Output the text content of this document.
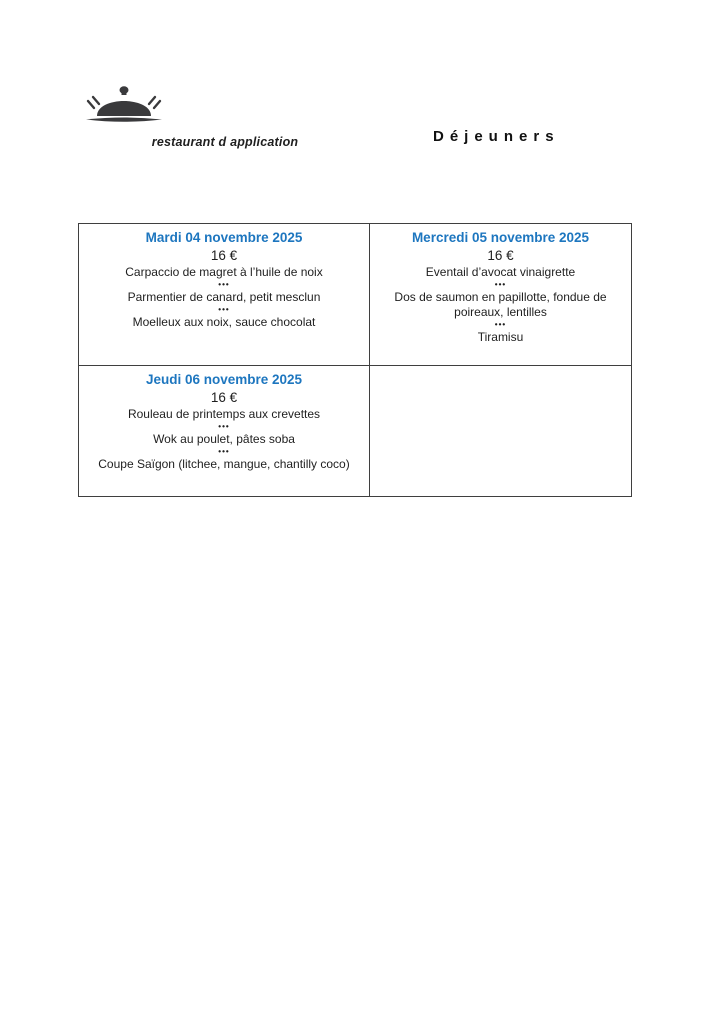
restaurant d application	Déjeuners
Mardi 04 novembre 2025
16 €
Carpaccio de magret à l’huile de noix
•••
Parmentier de canard, petit mesclun
•••
Moelleux aux noix, sauce chocolat
Mercredi 05 novembre 2025
16 €
Eventail d’avocat vinaigrette
•••
Dos de saumon en papillotte, fondue de poireaux, lentilles
•••
Tiramisu
Jeudi 06 novembre 2025
16 €
Rouleau de printemps aux crevettes
•••
Wok au poulet, pâtes soba
•••
Coupe Saïgon (litchee, mangue, chantilly coco)
